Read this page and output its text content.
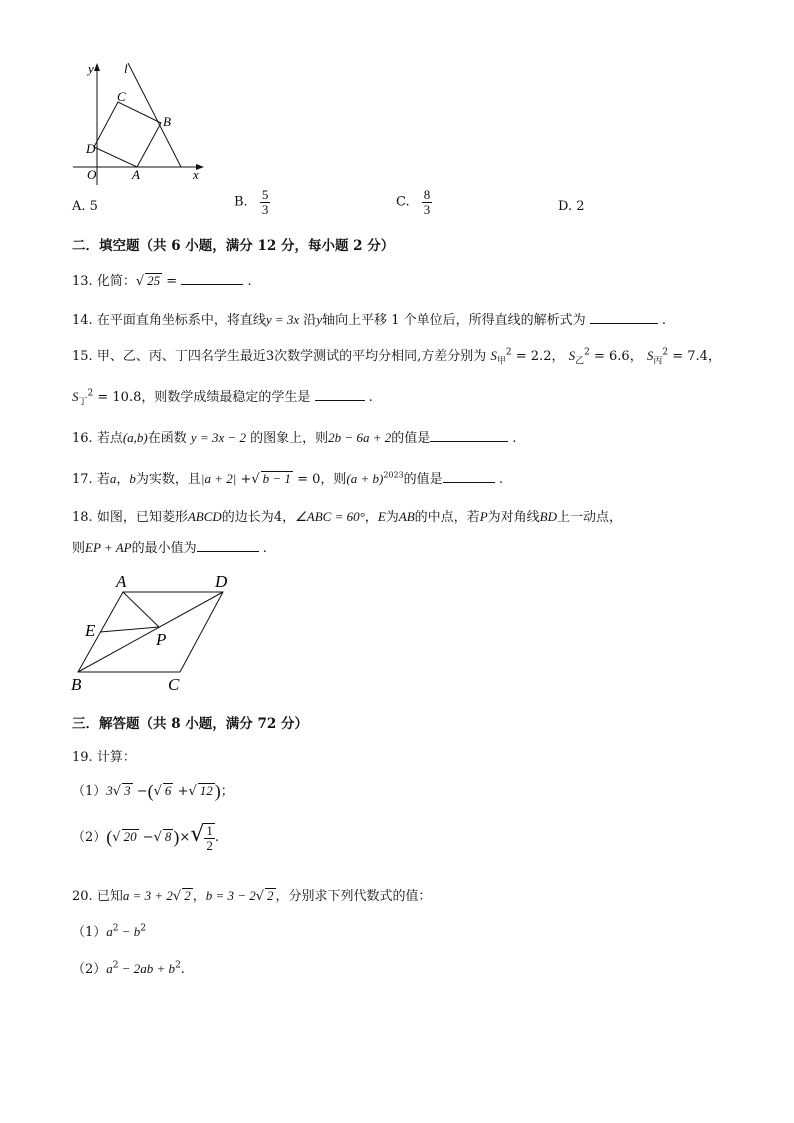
y l
C
B
D
O	A	x
A. 5	B. $\frac{5}{3}$	C. $\frac{8}{3}$	D. 2
二．填空题（共 6 小题，满分 12 分，每小题 2 分）
13. 化简：√ 25 =	.
14. 在平面直角坐标系中，将直线y = 3x 沿y轴向上平移 1 个单位后，所得直线的解析式为	.
15. 甲、乙、丙、丁四名学生最近3次数学测试的平均分相同,方差分别为 $S_甲^2 = 2.2$， $S_乙^2 = 6.6$， $S_丙^2 = 7.4$，
$S_丁^2 = 10.8$，则数学成绩最稳定的学生是	.
16. 若点(a,b)在函数 y = 3x − 2 的图象上，则2b − 6a + 2的值是	.
17. 若a，b为实数，且|a + 2| +√ b − 1 = 0，则$(a + b)^{2023}$的值是	.
18. 如图，已知菱形ABCD的边长为4，∠ABC = 60°，E为AB的中点，若P为对角线BD上一动点，
则EP + AP的最小值为	.
A	D
E	P
B	C
三．解答题（共 8 小题，满分 72 分）
19. 计算：
（1）3√ 3 −(√ 6 +√ 12 )；
（2）(√ 20 −√ 8 )×√ $\frac{1}{2}$ .
20. 已知a = 3 + 2√ 2 ，b = 3 − 2√ 2 ，分别求下列代数式的值：
$(1)a^2 - b^2$
$(2)a^2 - 2ab + b^2$.
